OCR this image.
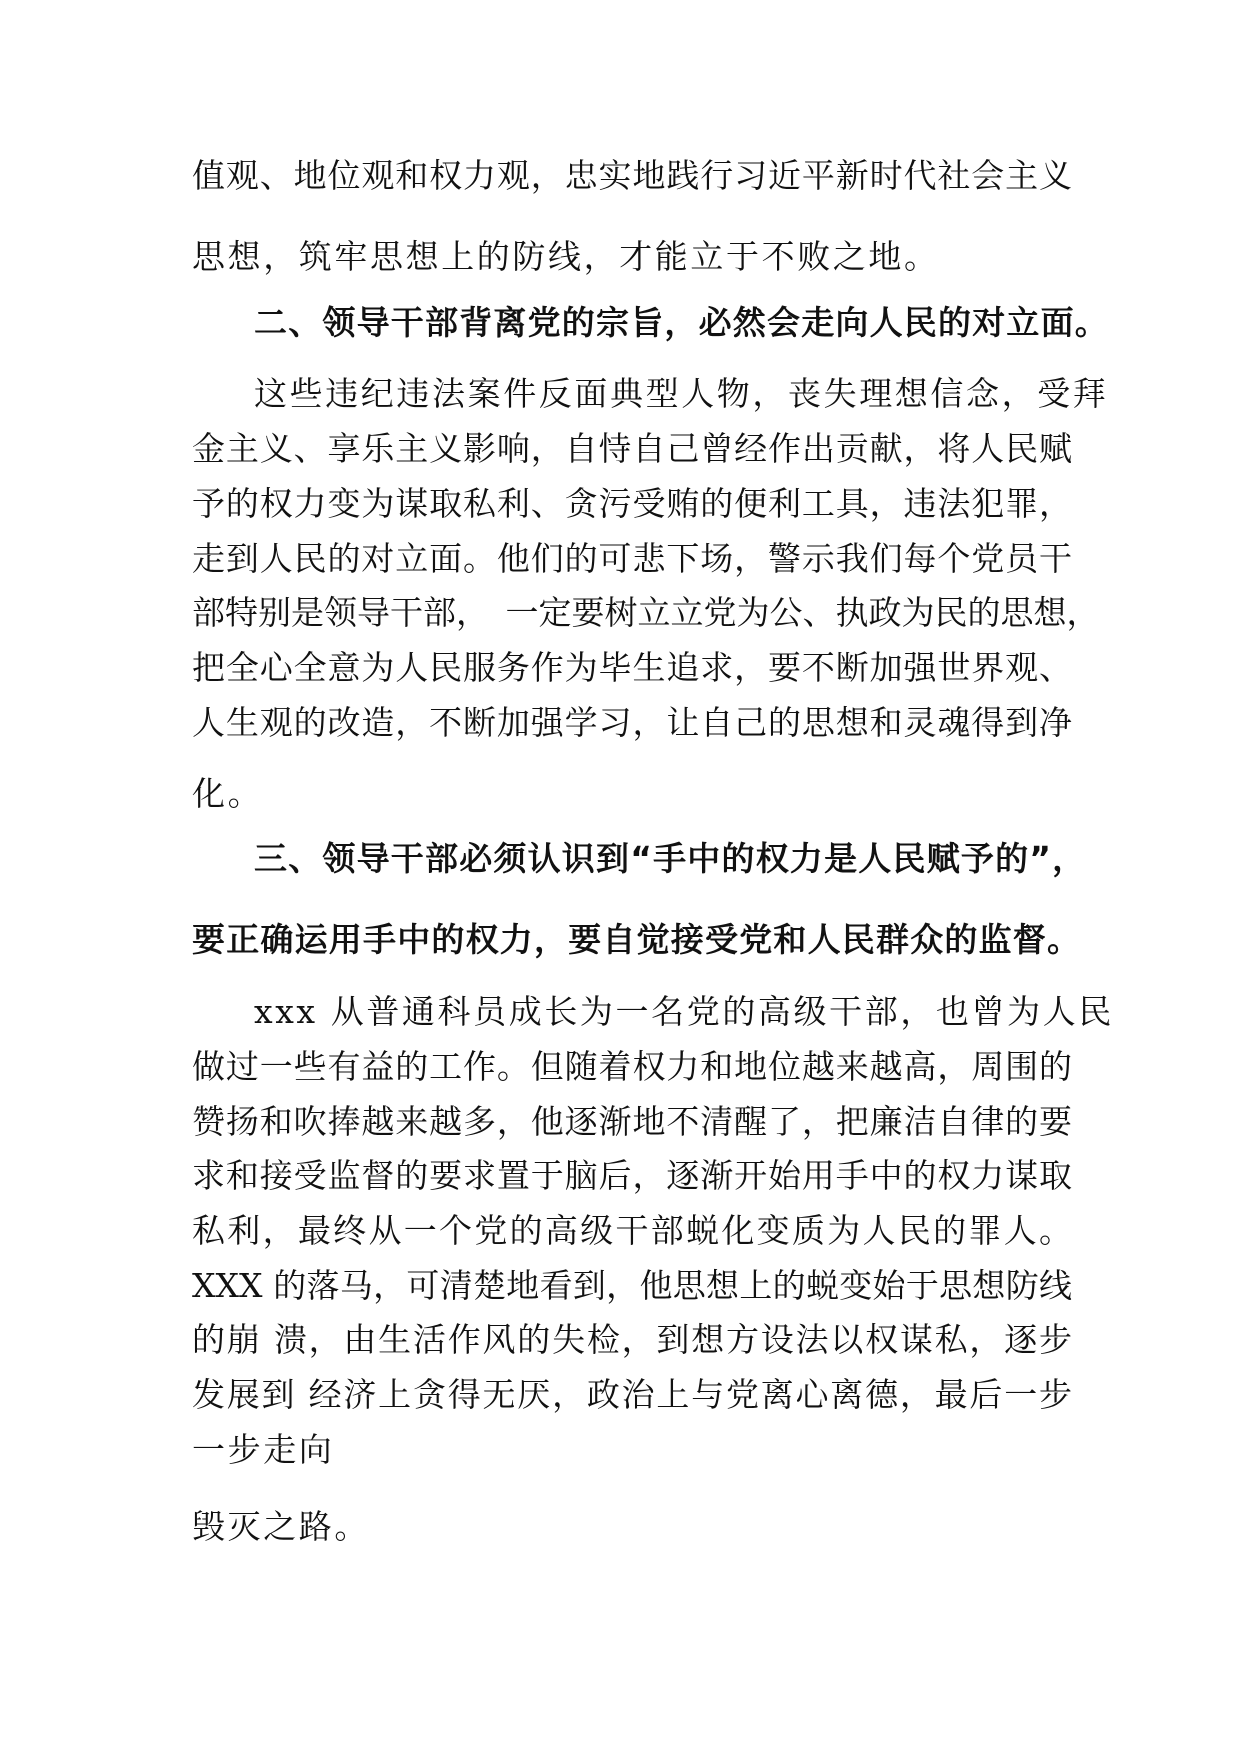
值观、地位观和权力观，忠实地践行习近平新时代社会主义
思想，筑牢思想上的防线，才能立于不败之地。
二、领导干部背离党的宗旨，必然会走向人民的对立面。
这些违纪违法案件反面典型人物，丧失理想信念，受拜
金主义、享乐主义影响，自恃自己曾经作出贡献，将人民赋
予的权力变为谋取私利、贪污受贿的便利工具，违法犯罪，
走到人民的对立面。他们的可悲下场，警示我们每个党员干
部特别是领导干部，　一定要树立立党为公、执政为民的思想，
把全心全意为人民服务作为毕生追求，要不断加强世界观、
人生观的改造，不断加强学习，让自己的思想和灵魂得到净
化。
三、领导干部必须认识到“手中的权力是人民赋予的”，
要正确运用手中的权力，要自觉接受党和人民群众的监督。
xxx 从普通科员成长为一名党的高级干部，也曾为人民
做过一些有益的工作。但随着权力和地位越来越高，周围的
赞扬和吹捧越来越多，他逐渐地不清醒了，把廉洁自律的要
求和接受监督的要求置于脑后，逐渐开始用手中的权力谋取
私利，最终从一个党的高级干部蜕化变质为人民的罪人。
XXX 的落马，可清楚地看到，他思想上的蜕变始于思想防线
的崩 溃，由生活作风的失检，到想方设法以权谋私，逐步
发展到 经济上贪得无厌，政治上与党离心离德，最后一步
一步走向
毁灭之路。
